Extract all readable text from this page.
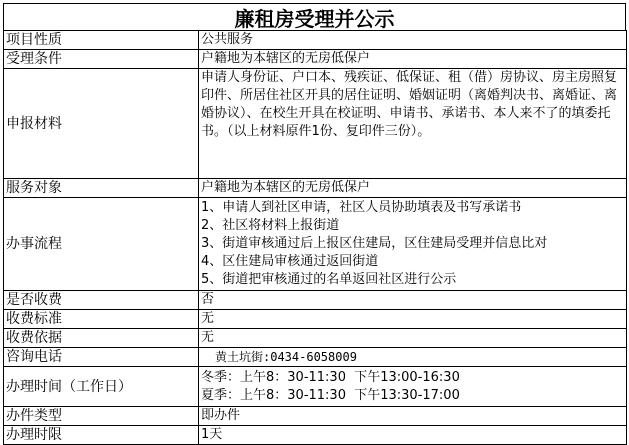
廉租房受理并公示
项目性质	公共服务
受理条件	户籍地为本辖区的无房低保户
申报材料	申请人身份证、户口本、残疾证、低保证、租（借）房协议、房主房照复印件、所居住社区开具的居住证明、婚姻证明（离婚判决书、离婚证、离婚协议）、在校生开具在校证明、申请书、承诺书、本人来不了的填委托书。（以上材料原件1份、复印件三份）。
服务对象	户籍地为本辖区的无房低保户
办事流程	1、申请人到社区申请，社区人员协助填表及书写承诺书
2、社区将材料上报街道
3、街道审核通过后上报区住建局，区住建局受理并信息比对
4、区住建局审核通过返回街道
5、街道把审核通过的名单返回社区进行公示

是否收费	否
收费标准	无
收费依据	无
咨询电话	黄土坑街:0434-6058009
办理时间（工作日）	冬季：上午8：30-11:30  下午13:00-16:30
夏季：上午8：30-11:30  下午13:30-17:00

办件类型	即办件
办理时限	1天
